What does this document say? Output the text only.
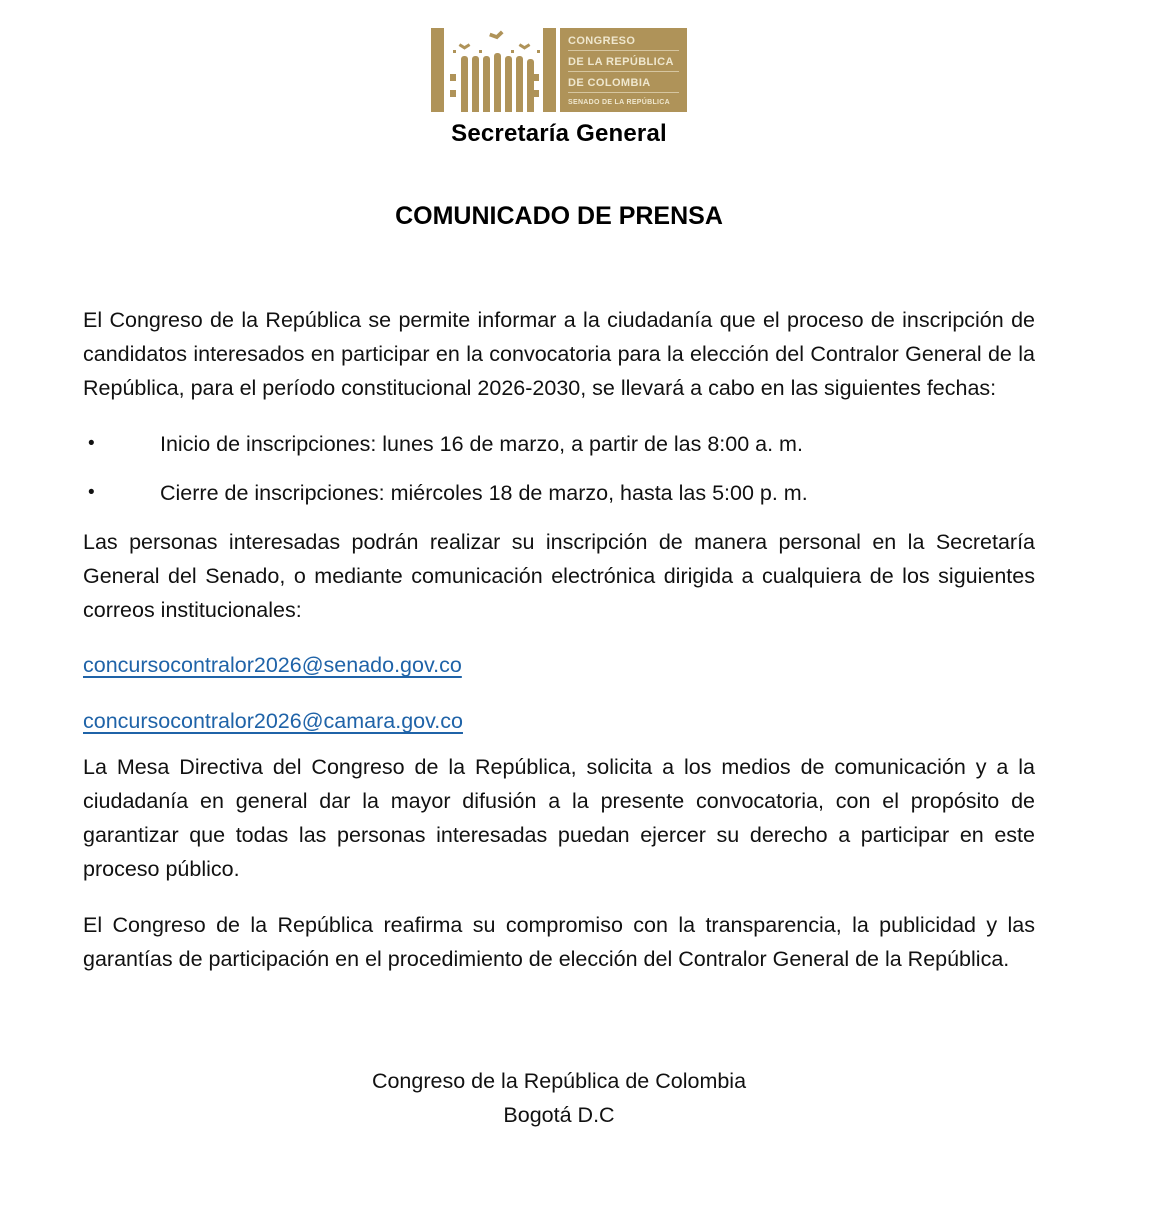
CONGRESO
DE LA REPÚBLICA
DE COLOMBIA
SENADO DE LA REPÚBLICA
Secretaría General
COMUNICADO DE PRENSA

El Congreso de la República se permite informar a la ciudadanía que el proceso de inscripción de candidatos interesados en participar en la convocatoria para la elección del Contralor General de la República, para el período constitucional 2026-2030, se llevará a cabo en las siguientes fechas:

•	Inicio de inscripciones: lunes 16 de marzo, a partir de las 8:00 a. m.
•	Cierre de inscripciones: miércoles 18 de marzo, hasta las 5:00 p. m.

Las personas interesadas podrán realizar su inscripción de manera personal en la Secretaría General del Senado, o mediante comunicación electrónica dirigida a cualquiera de los siguientes correos institucionales:

concursocontralor2026@senado.gov.co
concursocontralor2026@camara.gov.co

La Mesa Directiva del Congreso de la República, solicita a los medios de comunicación y a la ciudadanía en general dar la mayor difusión a la presente convocatoria, con el propósito de garantizar que todas las personas interesadas puedan ejercer su derecho a participar en este proceso público.

El Congreso de la República reafirma su compromiso con la transparencia, la publicidad y las garantías de participación en el procedimiento de elección del Contralor General de la República.

Congreso de la República de Colombia
Bogotá D.C
